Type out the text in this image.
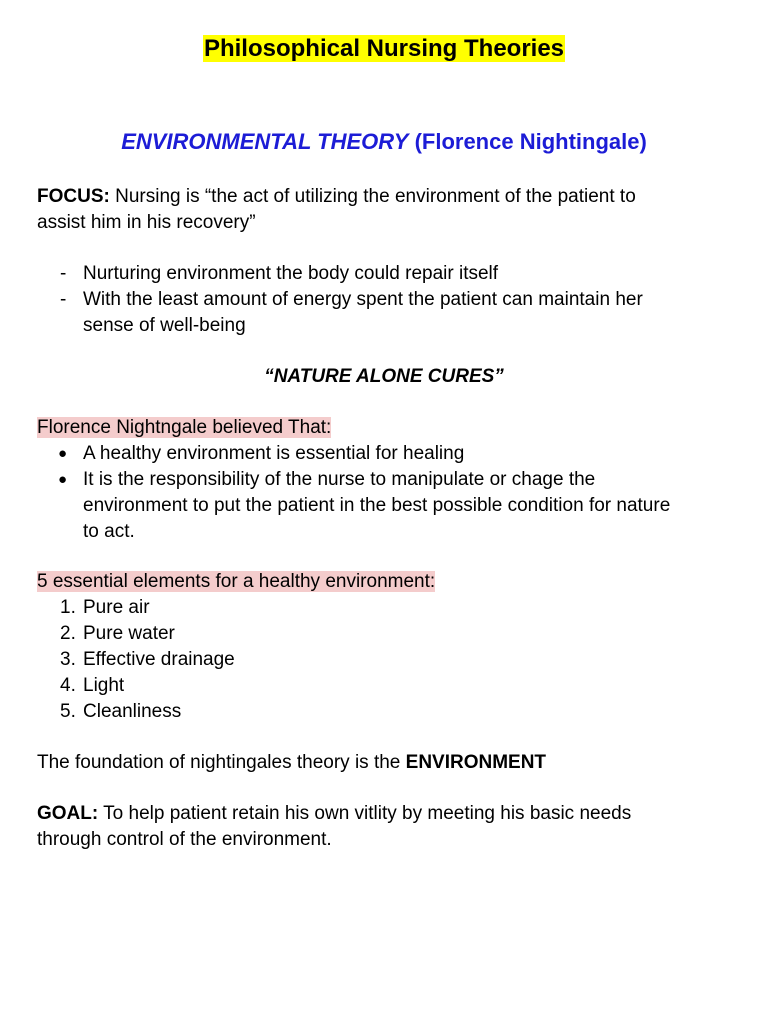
Philosophical Nursing Theories
ENVIRONMENTAL THEORY (Florence Nightingale)
FOCUS: Nursing is “the act of utilizing the environment of the patient to
assist him in his recovery”
- Nurturing environment the body could repair itself
- With the least amount of energy spent the patient can maintain her
sense of well-being
“NATURE ALONE CURES”
Florence Nightngale believed That:
● A healthy environment is essential for healing
● It is the responsibility of the nurse to manipulate or chage the
environment to put the patient in the best possible condition for nature
to act.
5 essential elements for a healthy environment:
1. Pure air
2. Pure water
3. Effective drainage
4. Light
5. Cleanliness
The foundation of nightingales theory is the ENVIRONMENT
GOAL: To help patient retain his own vitlity by meeting his basic needs
through control of the environment.
